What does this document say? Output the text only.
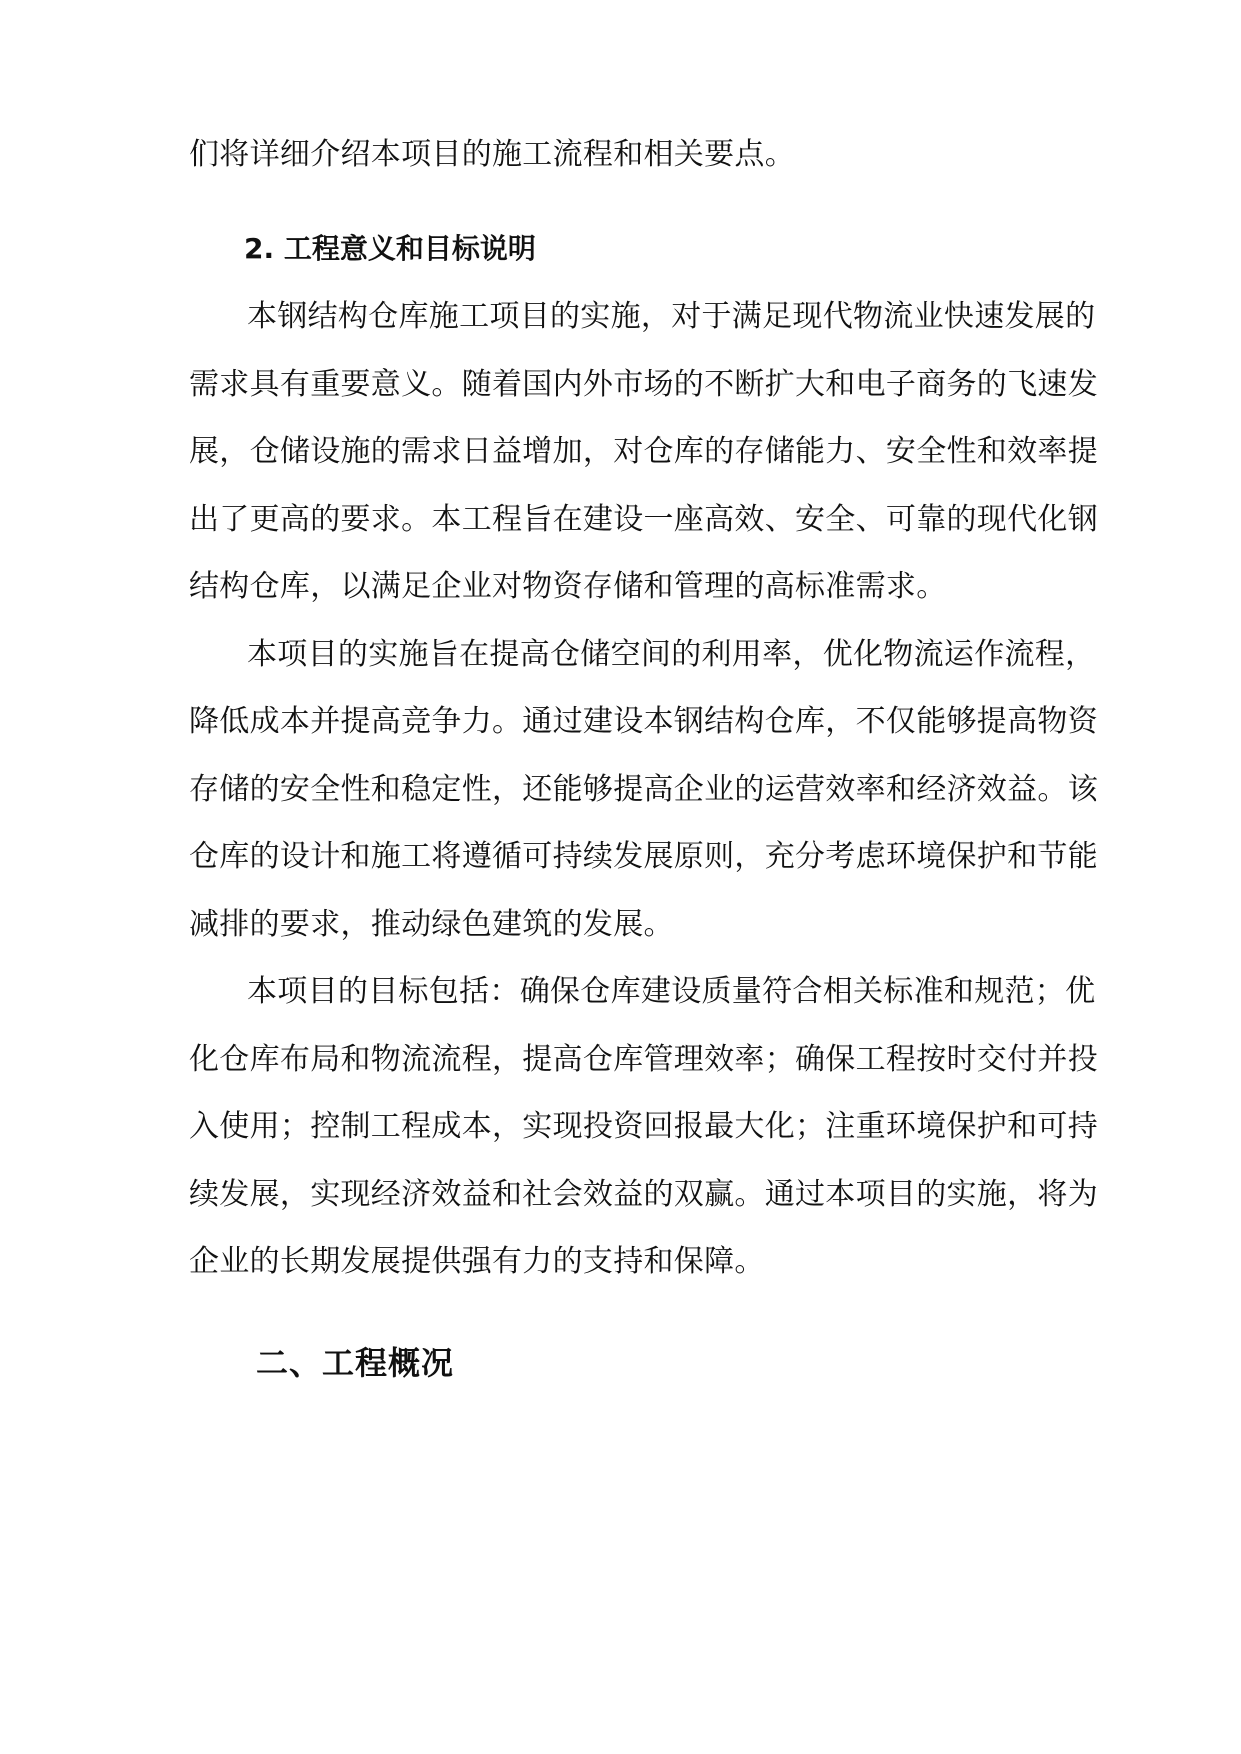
们将详细介绍本项目的施工流程和相关要点。
2. 工程意义和目标说明
本钢结构仓库施工项目的实施，对于满足现代物流业快速发展的
需求具有重要意义。随着国内外市场的不断扩大和电子商务的飞速发
展，仓储设施的需求日益增加，对仓库的存储能力、安全性和效率提
出了更高的要求。本工程旨在建设一座高效、安全、可靠的现代化钢
结构仓库，以满足企业对物资存储和管理的高标准需求。
本项目的实施旨在提高仓储空间的利用率，优化物流运作流程，
降低成本并提高竞争力。通过建设本钢结构仓库，不仅能够提高物资
存储的安全性和稳定性，还能够提高企业的运营效率和经济效益。该
仓库的设计和施工将遵循可持续发展原则，充分考虑环境保护和节能
减排的要求，推动绿色建筑的发展。
本项目的目标包括：确保仓库建设质量符合相关标准和规范；优
化仓库布局和物流流程，提高仓库管理效率；确保工程按时交付并投
入使用；控制工程成本，实现投资回报最大化；注重环境保护和可持
续发展，实现经济效益和社会效益的双赢。通过本项目的实施，将为
企业的长期发展提供强有力的支持和保障。
二、工程概况
